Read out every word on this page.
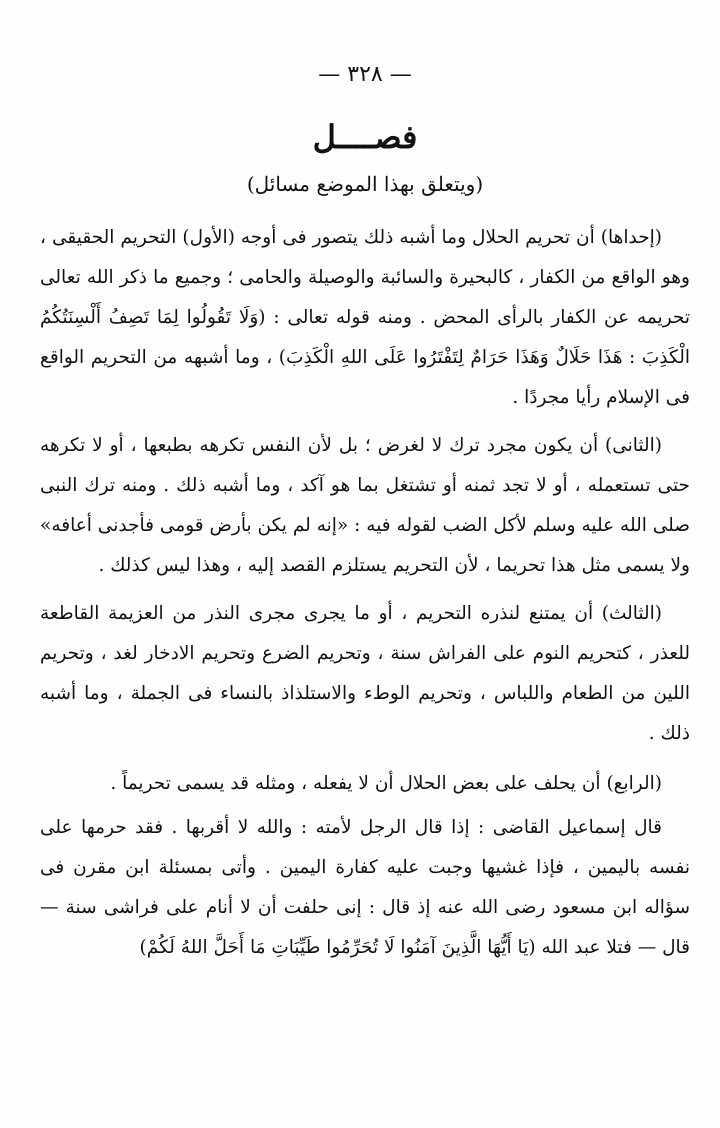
— ٣٢٨ —
فصــــل
(ويتعلق بهذا الموضع مسائل)

(إحداها) أن تحريم الحلال وما أشبه ذلك يتصور فى أوجه (الأول) التحريم الحقيقى ، وهو الواقع من الكفار ، كالبحيرة والسائبة والوصيلة والحامى ؛ وجميع ما ذكر الله تعالى تحريمه عن الكفار بالرأى المحض . ومنه قوله تعالى : (وَلَا تَقُولُوا لِمَا تَصِفُ أَلْسِنَتُكُمُ الْكَذِبَ : هَذَا حَلَالٌ وَهَذَا حَرَامٌ لِتَفْتَرُوا عَلَى اللهِ الْكَذِبَ) ، وما أشبهه من التحريم الواقع فى الإسلام رأيا مجردًا .

(الثانى) أن يكون مجرد ترك لا لغرض ؛ بل لأن النفس تكرهه بطبعها ، أو لا تكرهه حتى تستعمله ، أو لا تجد ثمنه أو تشتغل بما هو آكد ، وما أشبه ذلك . ومنه ترك النبى صلى الله عليه وسلم لأكل الضب لقوله فيه : «إنه لم يكن بأرض قومى فأجدنى أعافه» ولا يسمى مثل هذا تحريما ، لأن التحريم يستلزم القصد إليه ، وهذا ليس كذلك .

(الثالث) أن يمتنع لنذره التحريم ، أو ما يجرى مجرى النذر من العزيمة القاطعة للعذر ، كتحريم النوم على الفراش سنة ، وتحريم الضرع وتحريم الادخار لغد ، وتحريم اللين من الطعام واللباس ، وتحريم الوطء والاستلذاذ بالنساء فى الجملة ، وما أشبه ذلك .

(الرابع) أن يحلف على بعض الحلال أن لا يفعله ، ومثله قد يسمى تحريماً .

قال إسماعيل القاضى : إذا قال الرجل لأمته : والله لا أقربها . فقد حرمها على نفسه باليمين ، فإذا غشيها وجبت عليه كفارة اليمين . وأتى بمسئلة ابن مقرن فى سؤاله ابن مسعود رضى الله عنه إذ قال : إنى حلفت أن لا أنام على فراشى سنة — قال — فتلا عبد الله (يَا أَيُّهَا الَّذِينَ آمَنُوا لَا تُحَرِّمُوا طَيِّبَاتِ مَا أَحَلَّ اللهُ لَكُمْ)
